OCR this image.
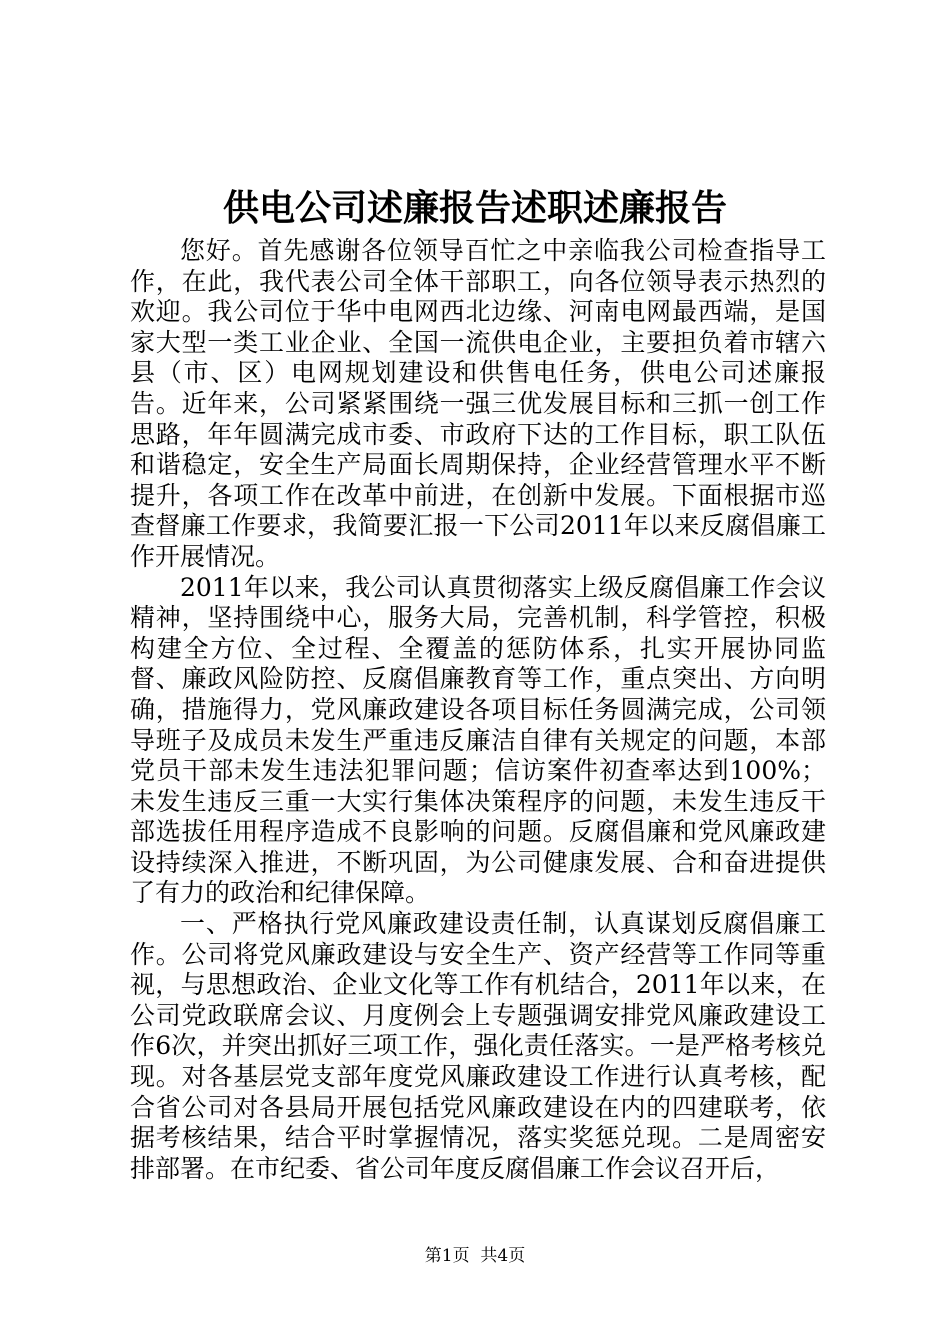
供电公司述廉报告述职述廉报告

您好。首先感谢各位领导百忙之中亲临我公司检查指导工作，在此，我代表公司全体干部职工，向各位领导表示热烈的欢迎。我公司位于华中电网西北边缘、河南电网最西端，是国家大型一类工业企业、全国一流供电企业，主要担负着市辖六县（市、区）电网规划建设和供售电任务，供电公司述廉报告。近年来，公司紧紧围绕一强三优发展目标和三抓一创工作思路，年年圆满完成市委、市政府下达的工作目标，职工队伍和谐稳定，安全生产局面长周期保持，企业经营管理水平不断提升，各项工作在改革中前进，在创新中发展。下面根据市巡查督廉工作要求，我简要汇报一下公司2011年以来反腐倡廉工作开展情况。

2011年以来，我公司认真贯彻落实上级反腐倡廉工作会议精神，坚持围绕中心，服务大局，完善机制，科学管控，积极构建全方位、全过程、全覆盖的惩防体系，扎实开展协同监督、廉政风险防控、反腐倡廉教育等工作，重点突出、方向明确，措施得力，党风廉政建设各项目标任务圆满完成，公司领导班子及成员未发生严重违反廉洁自律有关规定的问题，本部党员干部未发生违法犯罪问题；信访案件初查率达到100%；未发生违反三重一大实行集体决策程序的问题，未发生违反干部选拔任用程序造成不良影响的问题。反腐倡廉和党风廉政建设持续深入推进，不断巩固，为公司健康发展、合和奋进提供了有力的政治和纪律保障。

一、严格执行党风廉政建设责任制，认真谋划反腐倡廉工作。公司将党风廉政建设与安全生产、资产经营等工作同等重视，与思想政治、企业文化等工作有机结合，2011年以来，在公司党政联席会议、月度例会上专题强调安排党风廉政建设工作6次，并突出抓好三项工作，强化责任落实。一是严格考核兑现。对各基层党支部年度党风廉政建设工作进行认真考核，配合省公司对各县局开展包括党风廉政建设在内的四建联考，依据考核结果，结合平时掌握情况，落实奖惩兑现。二是周密安排部署。在市纪委、省公司年度反腐倡廉工作会议召开后，

第1页  共4页
